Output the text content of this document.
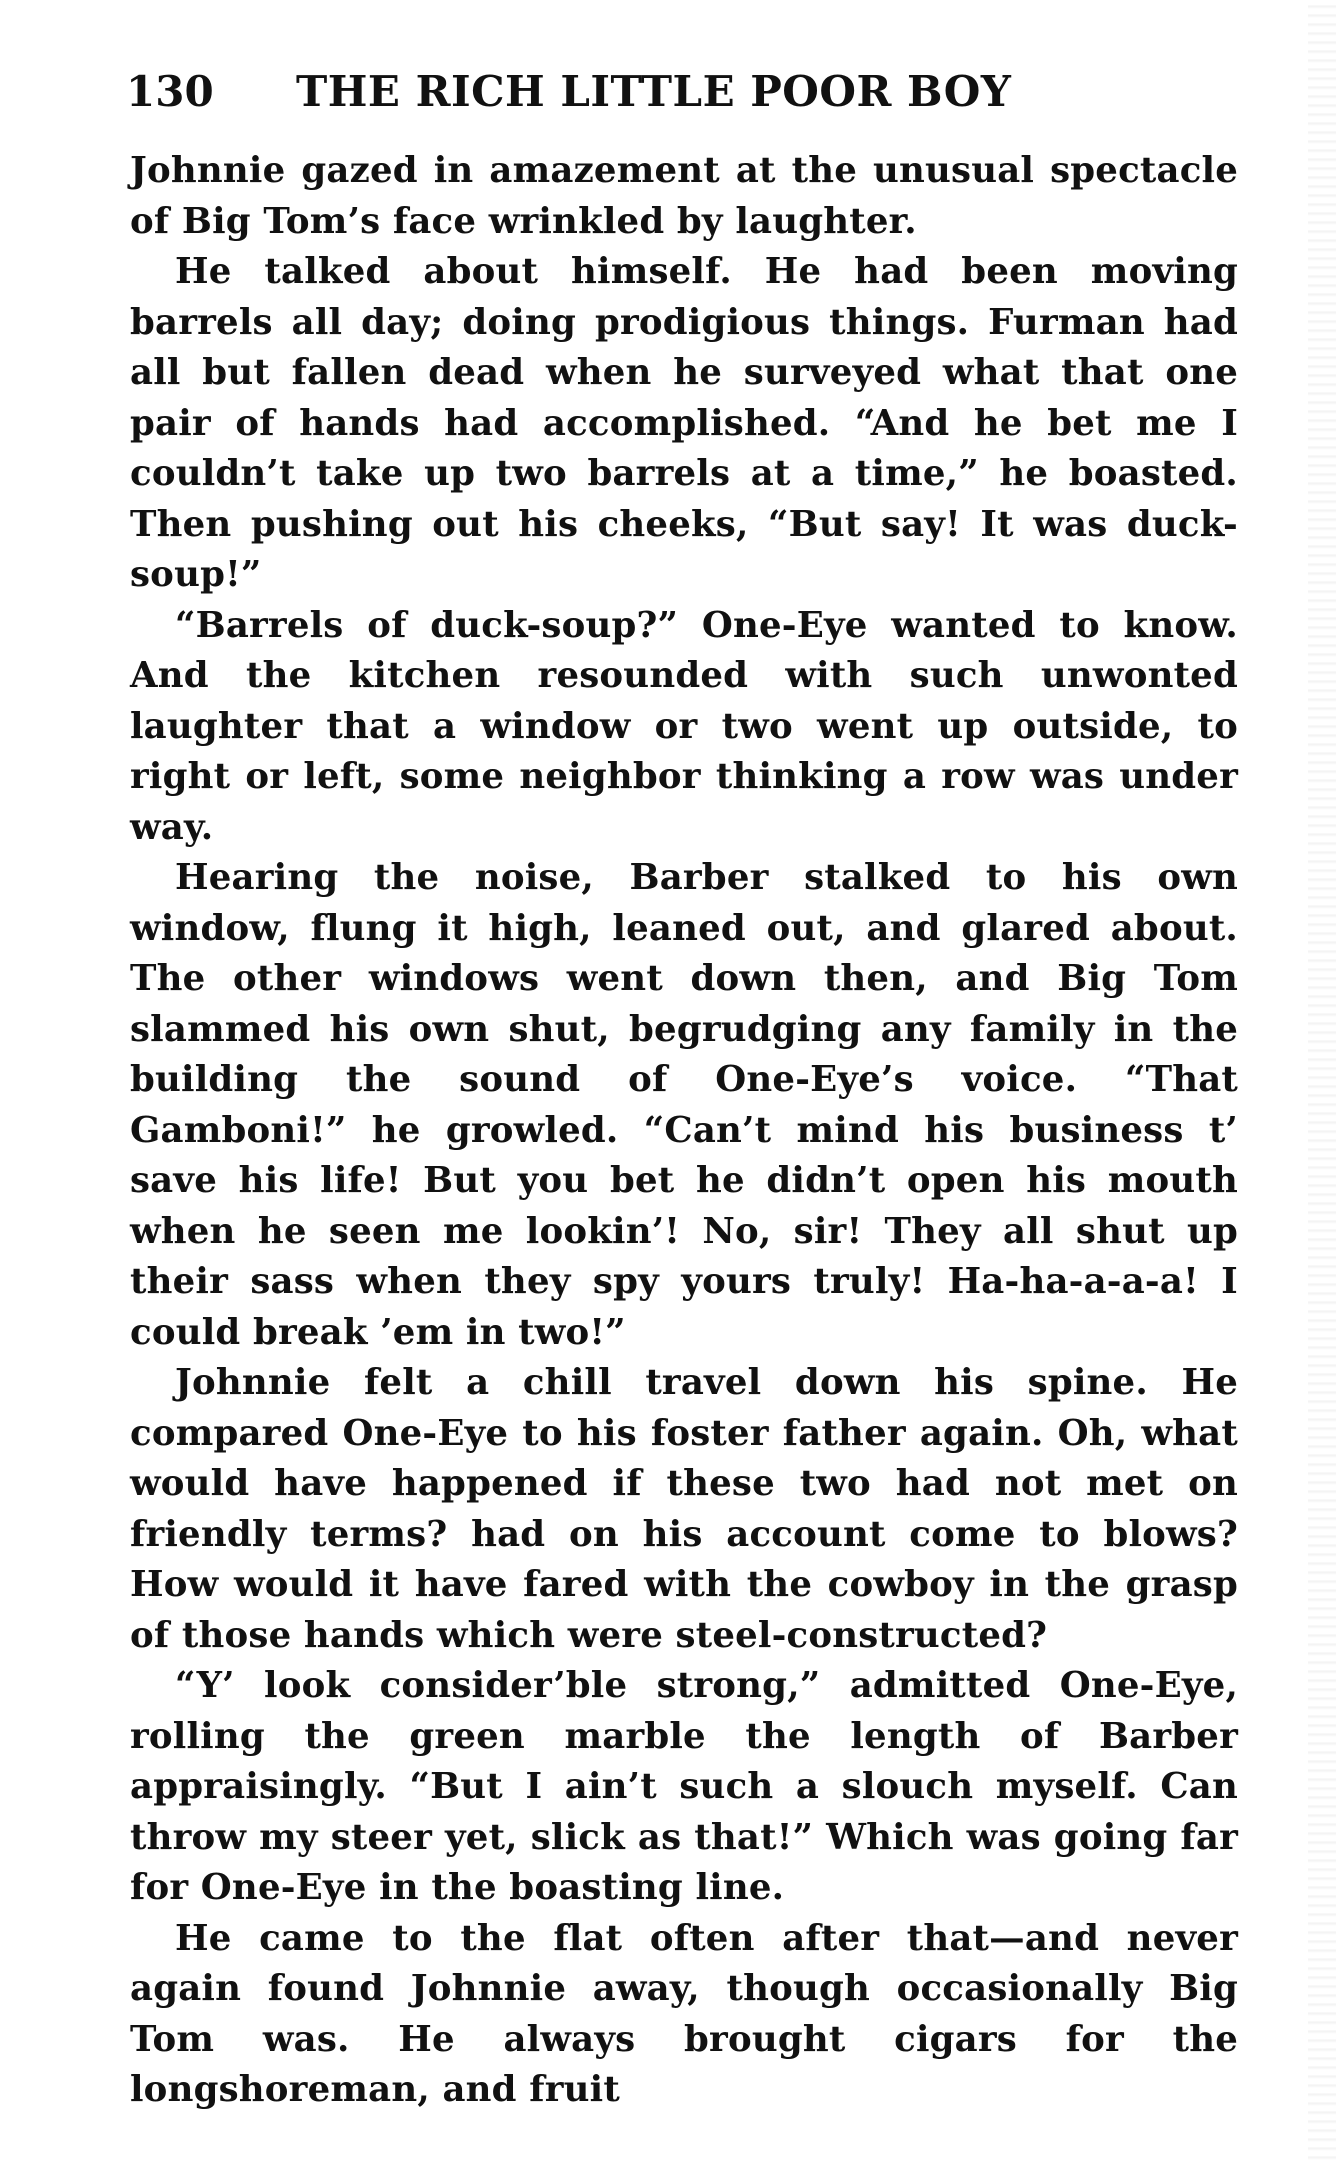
130 THE RICH LITTLE POOR BOY

Johnnie gazed in amazement at the unusual spectacle of Big Tom’s face wrinkled by laughter.

He talked about himself. He had been moving barrels all day; doing prodigious things. Furman had all but fallen dead when he surveyed what that one pair of hands had accomplished. “And he bet me I couldn’t take up two barrels at a time,” he boasted. Then pushing out his cheeks, “But say! It was duck-soup!”

“Barrels of duck-soup?” One-Eye wanted to know. And the kitchen resounded with such unwonted laughter that a window or two went up outside, to right or left, some neighbor thinking a row was under way.

Hearing the noise, Barber stalked to his own window, flung it high, leaned out, and glared about. The other windows went down then, and Big Tom slammed his own shut, begrudging any family in the building the sound of One-Eye’s voice. “That Gamboni!” he growled. “Can’t mind his business t’ save his life! But you bet he didn’t open his mouth when he seen me lookin’! No, sir! They all shut up their sass when they spy yours truly! Ha-ha-a-a-a! I could break ’em in two!”

Johnnie felt a chill travel down his spine. He compared One-Eye to his foster father again. Oh, what would have happened if these two had not met on friendly terms? had on his account come to blows? How would it have fared with the cowboy in the grasp of those hands which were steel-constructed?

“Y’ look consider’ble strong,” admitted One-Eye, rolling the green marble the length of Barber appraisingly. “But I ain’t such a slouch myself. Can throw my steer yet, slick as that!” Which was going far for One-Eye in the boasting line.

He came to the flat often after that—and never again found Johnnie away, though occasionally Big Tom was. He always brought cigars for the longshoreman, and fruit
